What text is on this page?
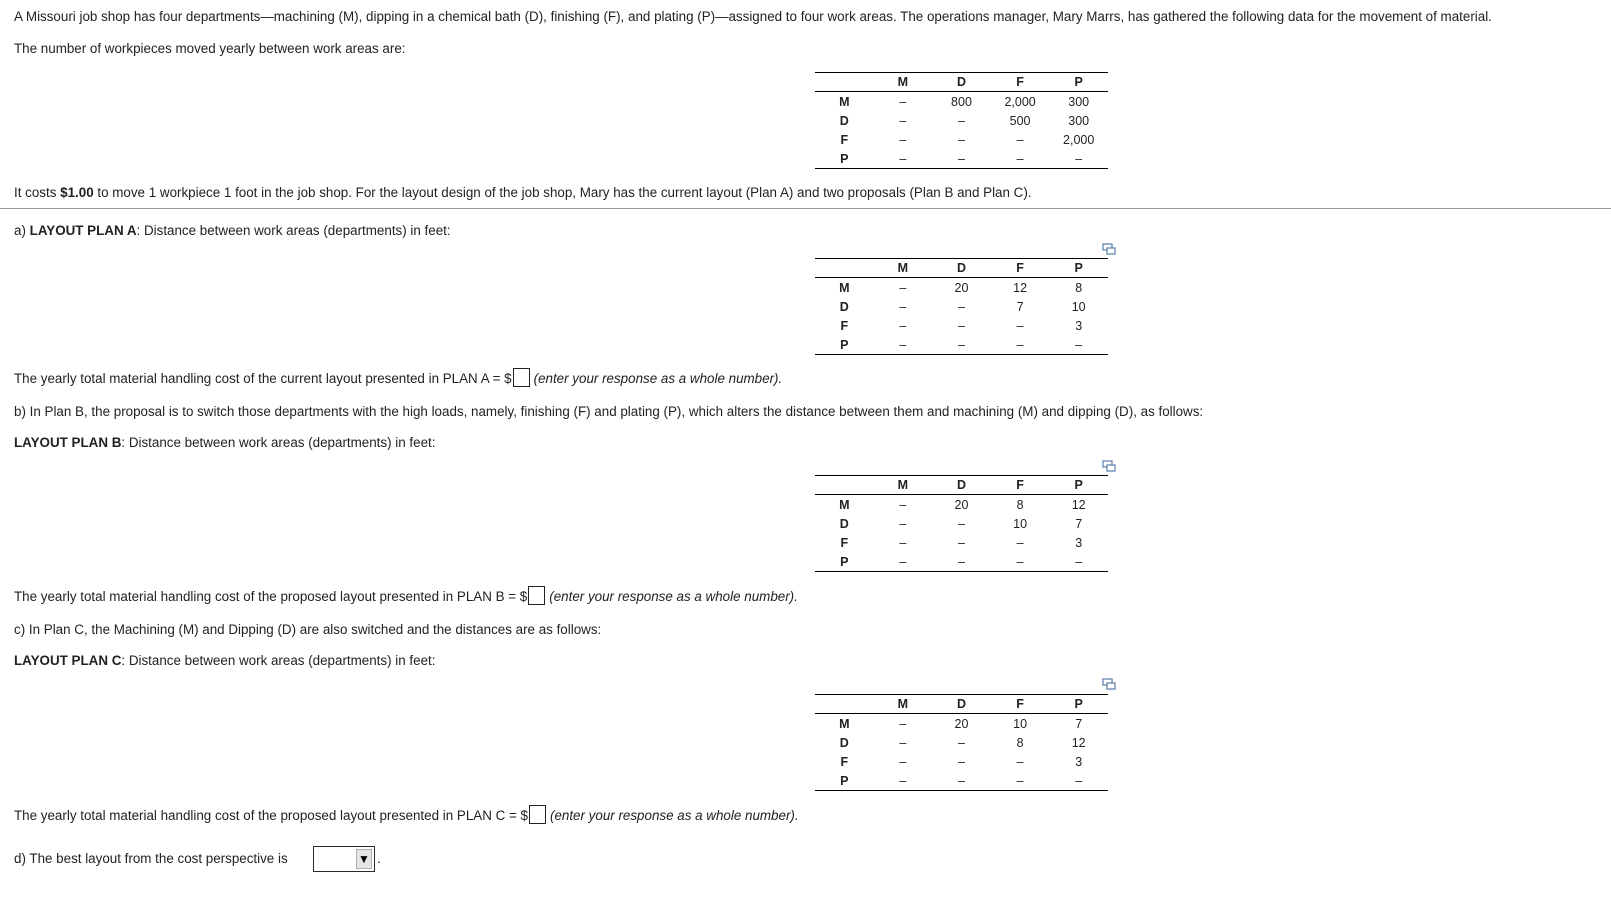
A Missouri job shop has four departments—machining (M), dipping in a chemical bath (D), finishing (F), and plating (P)—assigned to four work areas. The operations manager, Mary Marrs, has gathered the following data for the movement of material.
The number of workpieces moved yearly between work areas are:
	M	D	F	P
M	–	800	2,000	300
D	–	–	500	300
F	–	–	–	2,000
P	–	–	–	–
It costs $1.00 to move 1 workpiece 1 foot in the job shop. For the layout design of the job shop, Mary has the current layout (Plan A) and two proposals (Plan B and Plan C).
a) LAYOUT PLAN A: Distance between work areas (departments) in feet:
	M	D	F	P
M	–	20	12	8
D	–	–	7	10
F	–	–	–	3
P	–	–	–	–
The yearly total material handling cost of the current layout presented in PLAN A = $ (enter your response as a whole number).
b) In Plan B, the proposal is to switch those departments with the high loads, namely, finishing (F) and plating (P), which alters the distance between them and machining (M) and dipping (D), as follows:
LAYOUT PLAN B: Distance between work areas (departments) in feet:
	M	D	F	P
M	–	20	8	12
D	–	–	10	7
F	–	–	–	3
P	–	–	–	–
The yearly total material handling cost of the proposed layout presented in PLAN B = $ (enter your response as a whole number).
c) In Plan C, the Machining (M) and Dipping (D) are also switched and the distances are as follows:
LAYOUT PLAN C: Distance between work areas (departments) in feet:
	M	D	F	P
M	–	20	10	7
D	–	–	8	12
F	–	–	–	3
P	–	–	–	–
The yearly total material handling cost of the proposed layout presented in PLAN C = $ (enter your response as a whole number).
d) The best layout from the cost perspective is	▼ .
